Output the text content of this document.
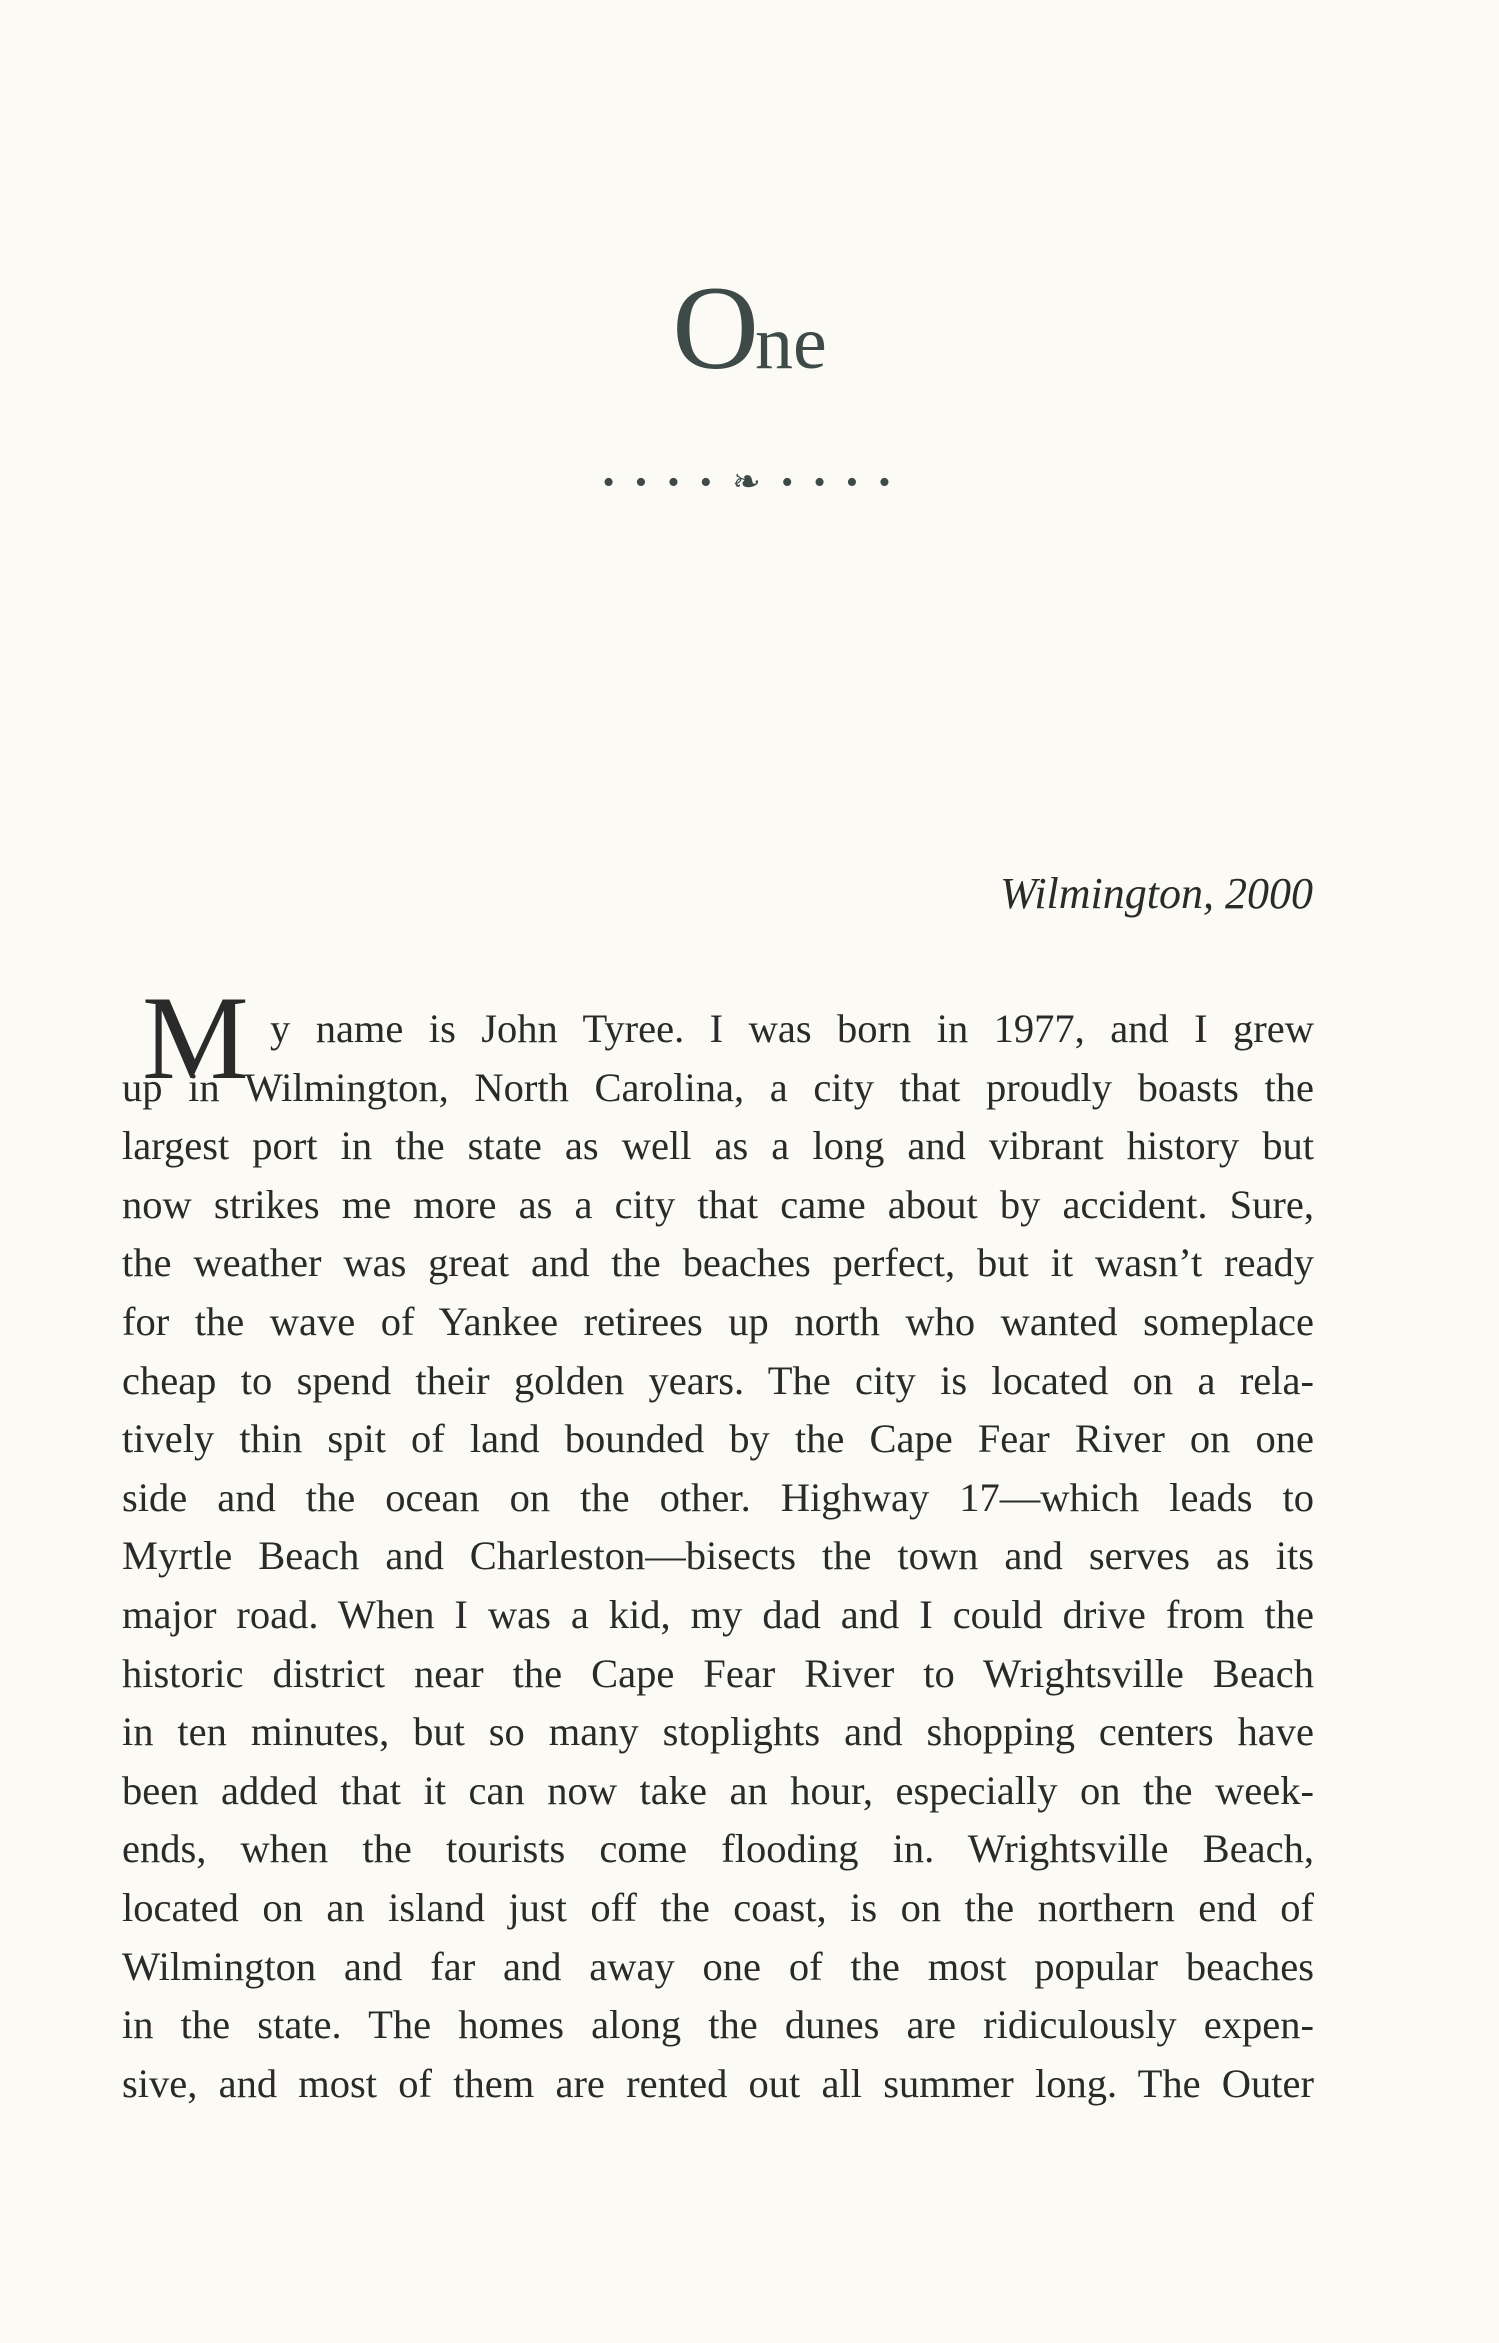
One
• • • • ❧ • • • •
Wilmington, 2000
M y name is John Tyree. I was born in 1977, and I grew
up in Wilmington, North Carolina, a city that proudly boasts the
largest port in the state as well as a long and vibrant history but
now strikes me more as a city that came about by accident. Sure,
the weather was great and the beaches perfect, but it wasn’t ready
for the wave of Yankee retirees up north who wanted someplace
cheap to spend their golden years. The city is located on a rela-
tively thin spit of land bounded by the Cape Fear River on one
side and the ocean on the other. Highway 17—which leads to
Myrtle Beach and Charleston—bisects the town and serves as its
major road. When I was a kid, my dad and I could drive from the
historic district near the Cape Fear River to Wrightsville Beach
in ten minutes, but so many stoplights and shopping centers have
been added that it can now take an hour, especially on the week-
ends, when the tourists come flooding in. Wrightsville Beach,
located on an island just off the coast, is on the northern end of
Wilmington and far and away one of the most popular beaches
in the state. The homes along the dunes are ridiculously expen-
sive, and most of them are rented out all summer long. The Outer
